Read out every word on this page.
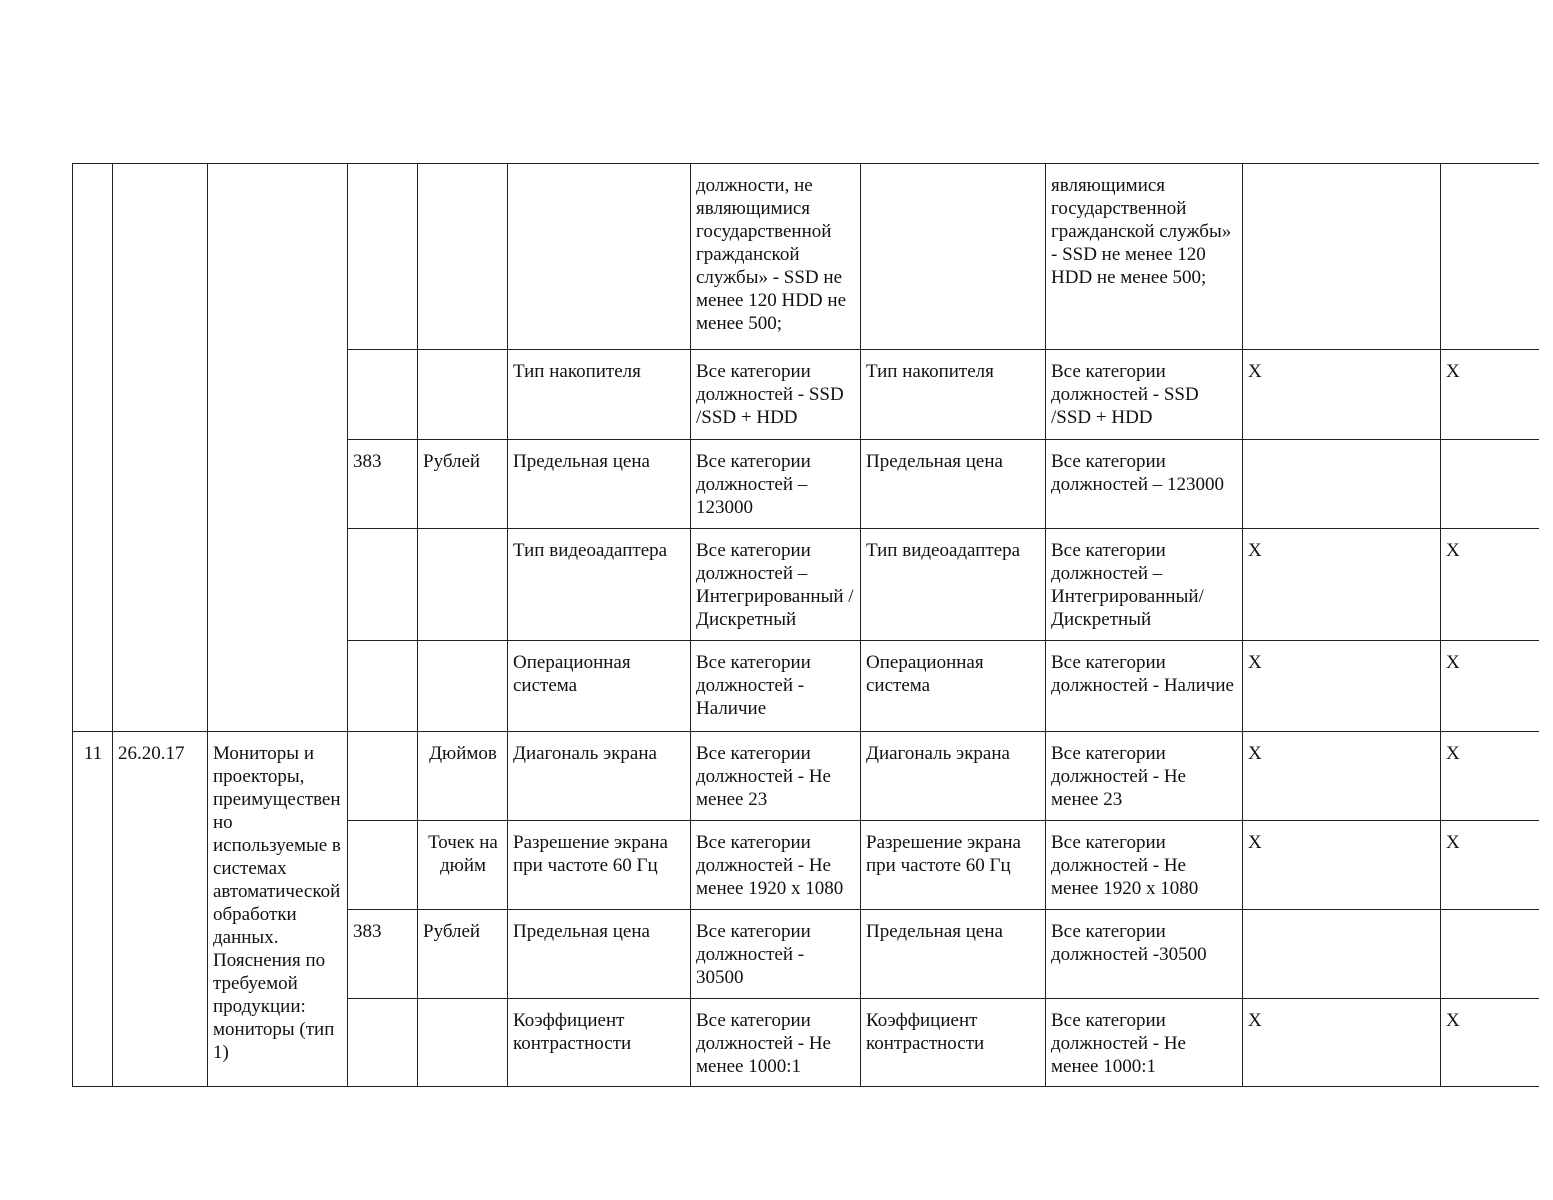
						должности, не являющимися государственной гражданской службы» - SSD не менее 120 HDD не менее 500;		являющимися государственной гражданской службы» - SSD не менее 120 HDD не менее 500;		

					Тип накопителя	Все категории должностей - SSD /SSD + HDD	Тип накопителя	Все категории должностей - SSD /SSD + HDD	Х	Х
			383	Рублей	Предельная цена	Все категории должностей – 123000	Предельная цена	Все категории должностей – 123000		
					Тип видеоадаптера	Все категории должностей – Интегрированный /Дискретный	Тип видеоадаптера	Все категории должностей – Интегрированный/ Дискретный	Х	Х
					Операционная система	Все категории должностей - Наличие	Операционная система	Все категории должностей - Наличие	Х	Х
11	26.20.17	Мониторы и проекторы, преимущественно используемые в системах автоматической обработки данных. Пояснения по требуемой продукции: мониторы (тип 1)		Дюймов	Диагональ экрана	Все категории должностей - Не менее 23	Диагональ экрана	Все категории должностей - Не менее 23	Х	Х
				Точек на дюйм	Разрешение экрана при частоте 60 Гц	Все категории должностей - Не менее 1920 х 1080	Разрешение экрана при частоте 60 Гц	Все категории должностей - Не менее 1920 х 1080	Х	Х
			383	Рублей	Предельная цена	Все категории должностей - 30500	Предельная цена	Все категории должностей -30500		
					Коэффициент контрастности	Все категории должностей - Не менее 1000:1	Коэффициент контрастности	Все категории должностей - Не менее 1000:1	Х	Х
